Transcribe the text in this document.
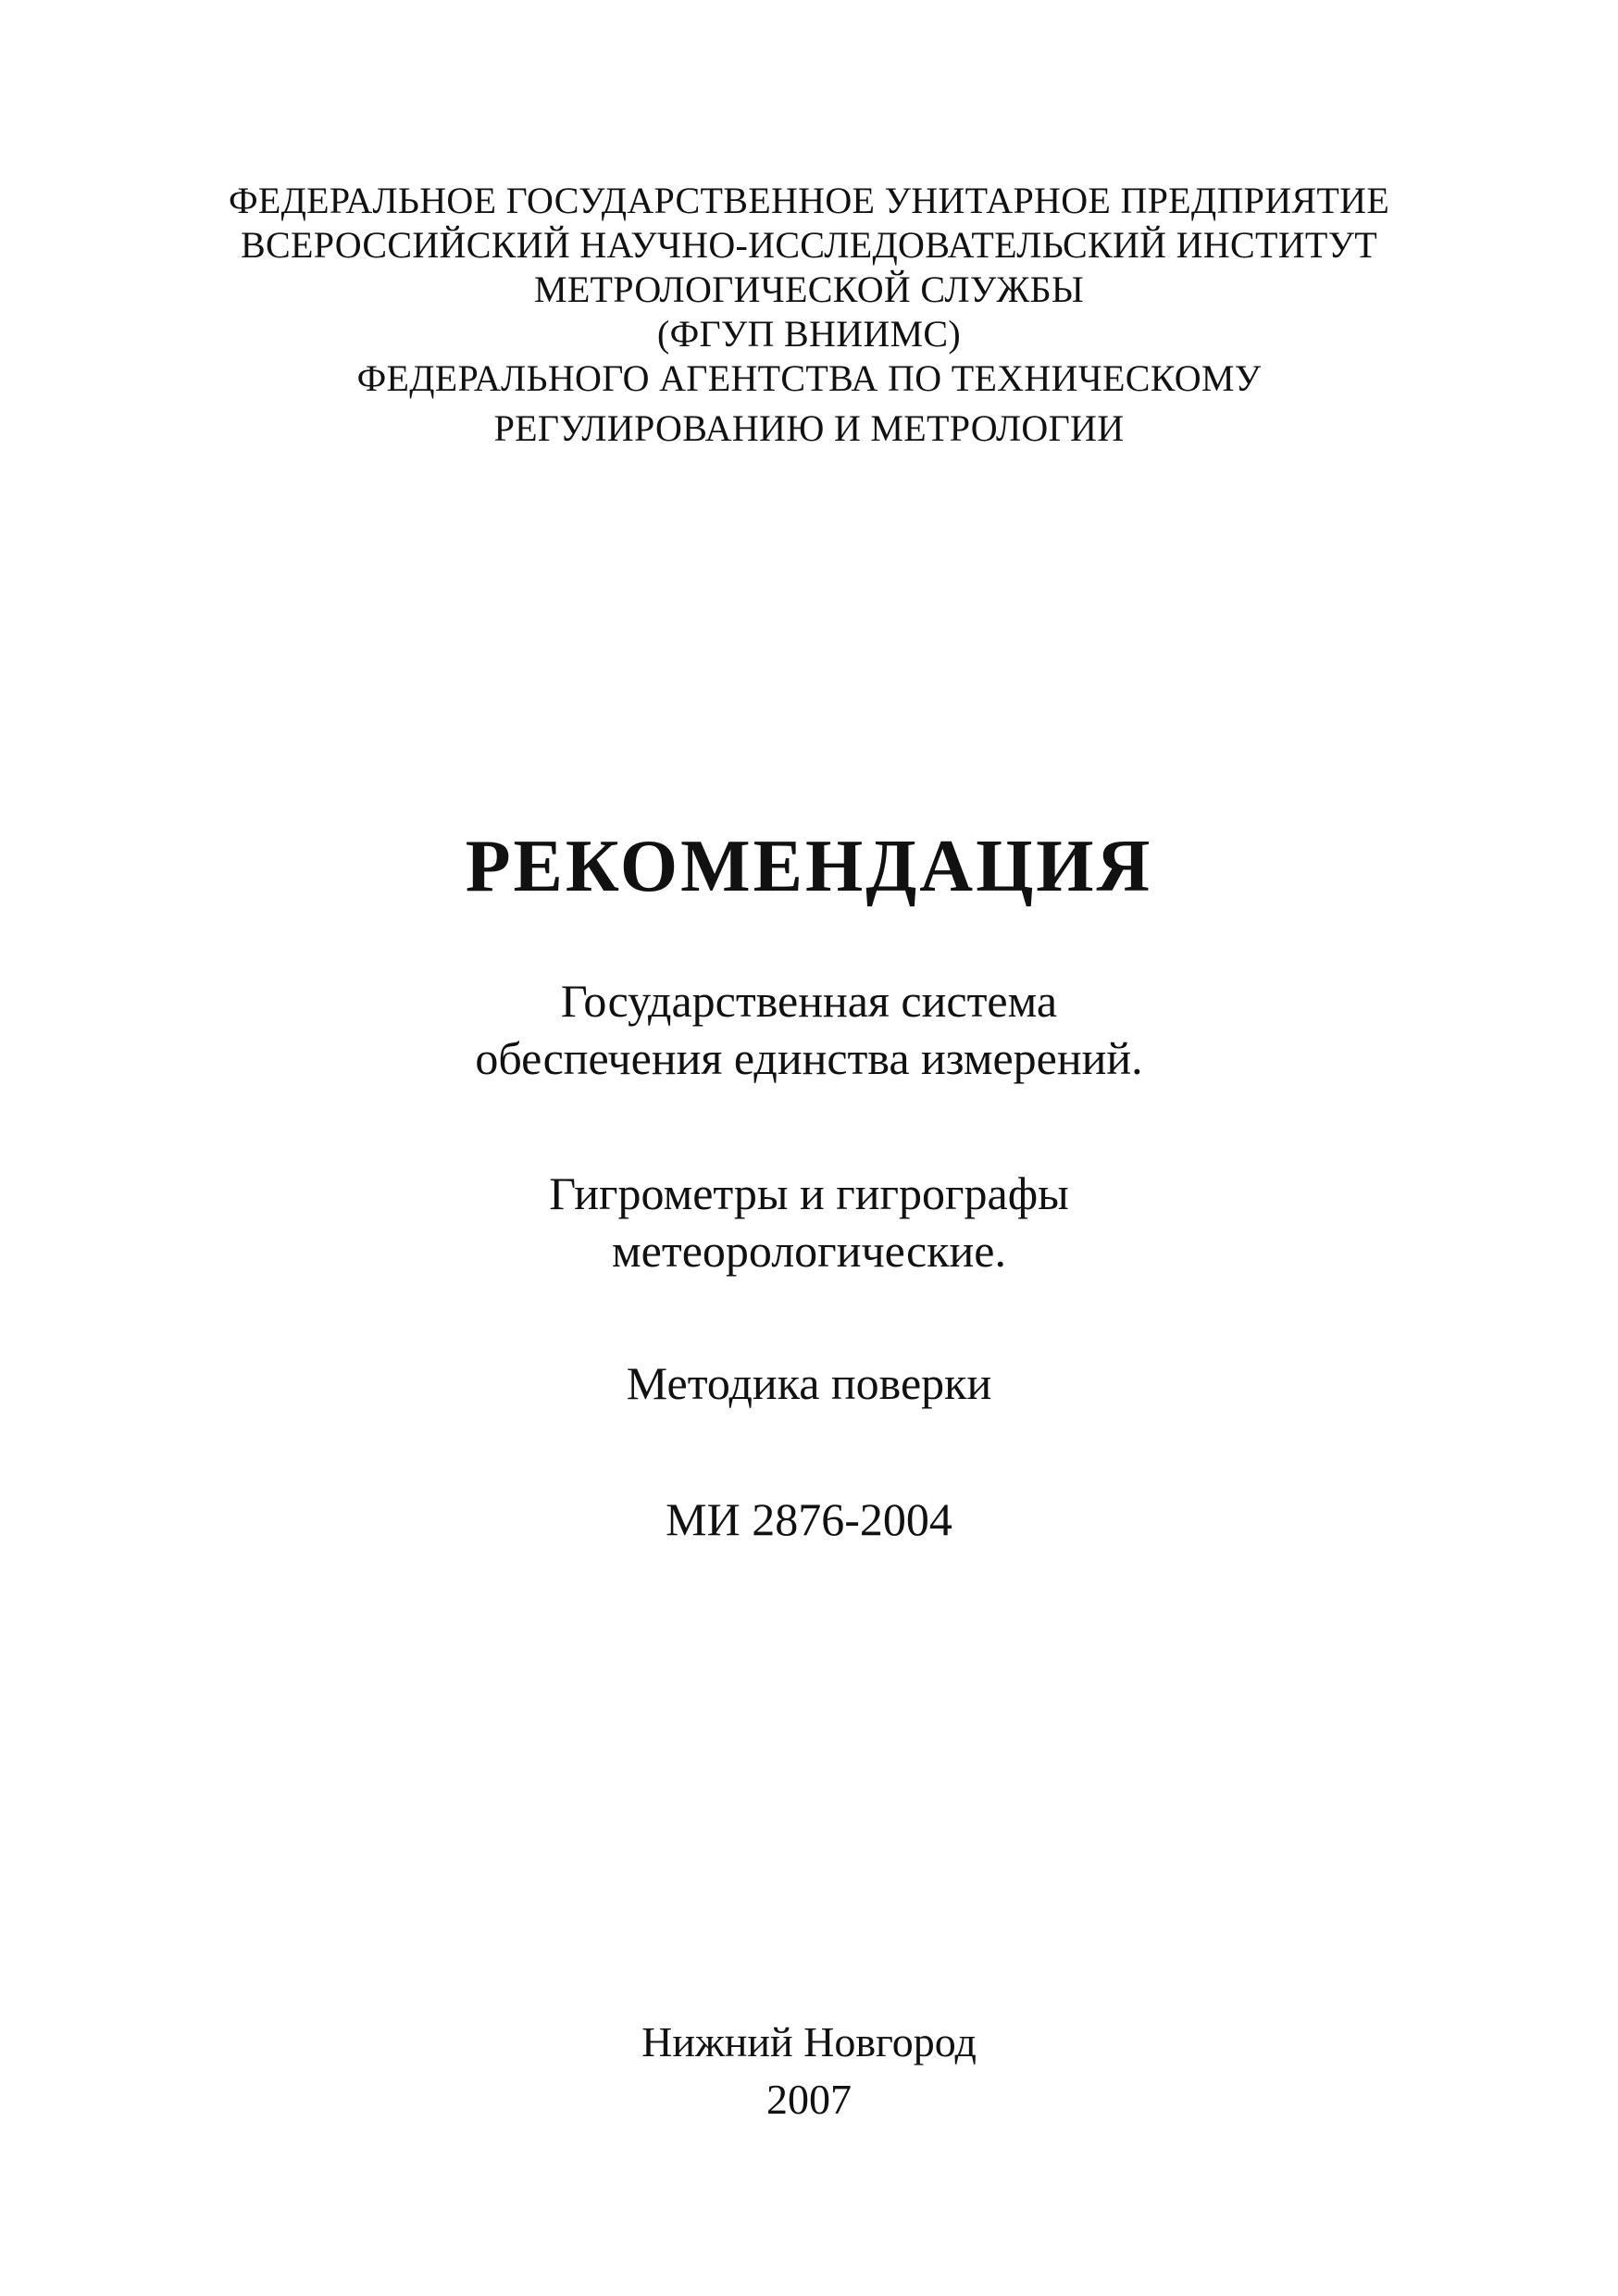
ФЕДЕРАЛЬНОЕ ГОСУДАРСТВЕННОЕ УНИТАРНОЕ ПРЕДПРИЯТИЕ
ВСЕРОССИЙСКИЙ НАУЧНО-ИССЛЕДОВАТЕЛЬСКИЙ ИНСТИТУТ
МЕТРОЛОГИЧЕСКОЙ СЛУЖБЫ
(ФГУП ВНИИМС)
ФЕДЕРАЛЬНОГО АГЕНТСТВА ПО ТЕХНИЧЕСКОМУ
РЕГУЛИРОВАНИЮ И МЕТРОЛОГИИ
РЕКОМЕНДАЦИЯ
Государственная система
обеспечения единства измерений.
Гигрометры и гигрографы
метеорологические.
Методика поверки
МИ 2876-2004
Нижний Новгород
2007
